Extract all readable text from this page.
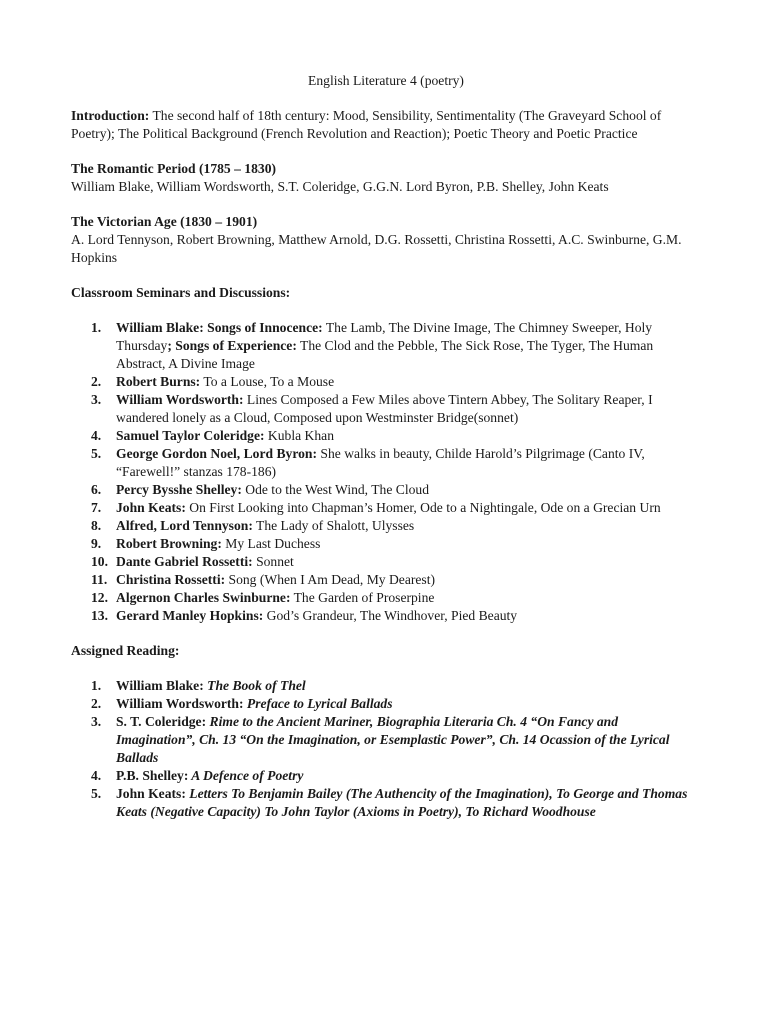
English Literature 4 (poetry)

Introduction: The second half of 18th century: Mood, Sensibility, Sentimentality (The Graveyard School of Poetry); The Political Background (French Revolution and Reaction); Poetic Theory and Poetic Practice

The Romantic Period (1785 – 1830)

William Blake, William Wordsworth, S.T. Coleridge, G.G.N. Lord Byron, P.B. Shelley, John Keats

The Victorian Age (1830 – 1901)

A. Lord Tennyson, Robert Browning, Matthew Arnold, D.G. Rossetti, Christina Rossetti, A.C. Swinburne, G.M. Hopkins

Classroom Seminars and Discussions:

1.	William Blake: Songs of Innocence: The Lamb, The Divine Image, The Chimney Sweeper, Holy Thursday; Songs of Experience: The Clod and the Pebble, The Sick Rose, The Tyger, The Human Abstract, A Divine Image
2.	Robert Burns: To a Louse, To a Mouse
3.	William Wordsworth: Lines Composed a Few Miles above Tintern Abbey, The Solitary Reaper, I wandered lonely as a Cloud, Composed upon Westminster Bridge(sonnet)
4.	Samuel Taylor Coleridge: Kubla Khan
5.	George Gordon Noel, Lord Byron: She walks in beauty, Childe Harold’s Pilgrimage (Canto IV, “Farewell!” stanzas 178-186)
6.	Percy Bysshe Shelley: Ode to the West Wind, The Cloud
7.	John Keats: On First Looking into Chapman’s Homer, Ode to a Nightingale, Ode on a Grecian Urn
8.	Alfred, Lord Tennyson: The Lady of Shalott, Ulysses
9.	Robert Browning: My Last Duchess
10. Dante Gabriel Rossetti: Sonnet
11. Christina Rossetti: Song (When I Am Dead, My Dearest)
12. Algernon Charles Swinburne: The Garden of Proserpine
13. Gerard Manley Hopkins: God’s Grandeur, The Windhover, Pied Beauty

Assigned Reading:

1.	William Blake: The Book of Thel
2.	William Wordsworth: Preface to Lyrical Ballads
3.	S. T. Coleridge: Rime to the Ancient Mariner, Biographia Literaria Ch. 4 “On Fancy and Imagination”, Ch. 13 “On the Imagination, or Esemplastic Power”, Ch. 14 Ocassion of the Lyrical Ballads
4.	P.B. Shelley: A Defence of Poetry
5.	John Keats: Letters To Benjamin Bailey (The Authencity of the Imagination), To George and Thomas Keats (Negative Capacity) To John Taylor (Axioms in Poetry), To Richard Woodhouse
